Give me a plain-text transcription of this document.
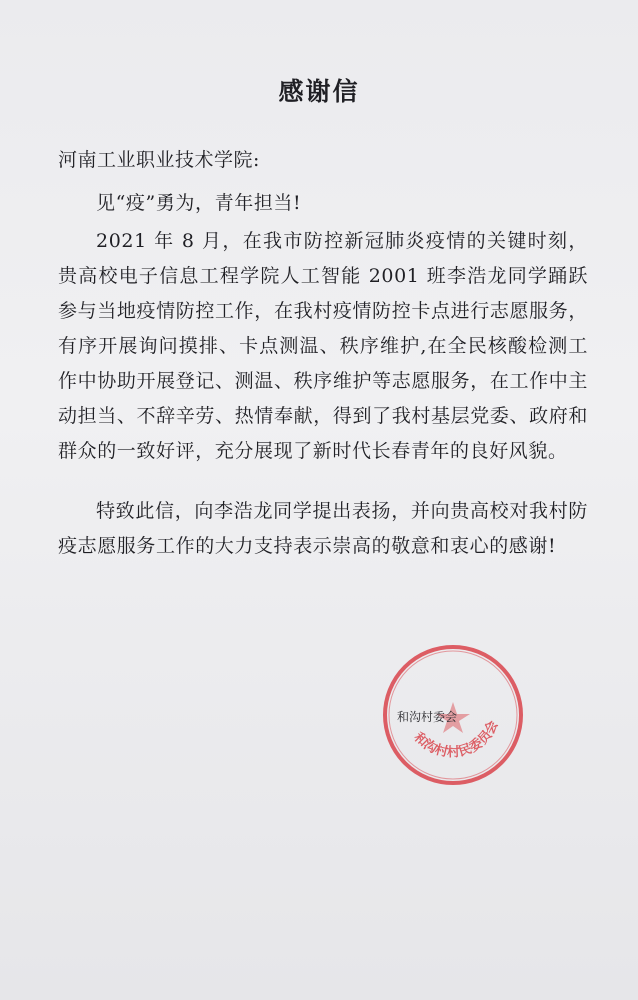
感谢信
河南工业职业技术学院:
见“疫”勇为，青年担当!
2021 年 8 月，在我市防控新冠肺炎疫情的关键时刻，贵高校电子信息工程学院人工智能 2001 班李浩龙同学踊跃参与当地疫情防控工作，在我村疫情防控卡点进行志愿服务，有序开展询问摸排、卡点测温、秩序维护,在全民核酸检测工作中协助开展登记、测温、秩序维护等志愿服务，在工作中主动担当、不辞辛劳、热情奉献，得到了我村基层党委、政府和群众的一致好评，充分展现了新时代长春青年的良好风貌。
特致此信，向李浩龙同学提出表扬，并向贵高校对我村防疫志愿服务工作的大力支持表示崇高的敬意和衷心的感谢!
和沟村村民委员会
和沟村委会
